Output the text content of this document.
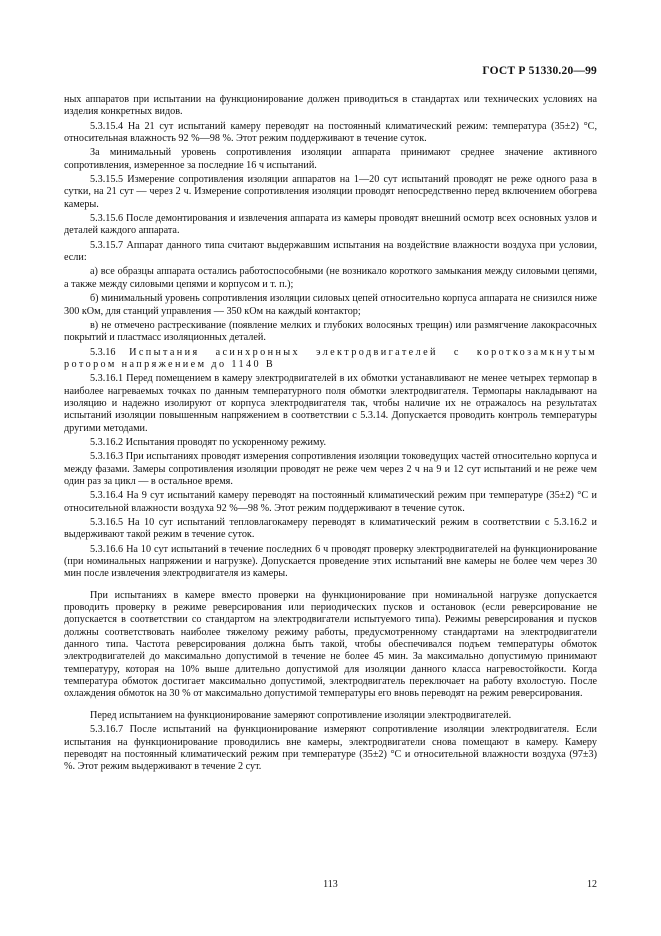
ГОСТ Р 51330.20—99

ных аппаратов при испытании на функционирование должен приводиться в стандартах или технических условиях на изделия конкретных видов.

5.3.15.4 На 21 сут испытаний камеру переводят на постоянный климатический режим: температура (35±2) °С, относительная влажность 92 %—98 %. Этот режим поддерживают в течение суток.

За минимальный уровень сопротивления изоляции аппарата принимают среднее значение активного сопротивления, измеренное за последние 16 ч испытаний.

5.3.15.5 Измерение сопротивления изоляции аппаратов на 1—20 сут испытаний проводят не реже одного раза в сутки, на 21 сут — через 2 ч. Измерение сопротивления изоляции проводят непосредственно перед включением обогрева камеры.

5.3.15.6 После демонтирования и извлечения аппарата из камеры проводят внешний осмотр всех основных узлов и деталей каждого аппарата.

5.3.15.7 Аппарат данного типа считают выдержавшим испытания на воздействие влажности воздуха при условии, если:

а) все образцы аппарата остались работоспособными (не возникало короткого замыкания между силовыми цепями, а также между силовыми цепями и корпусом и т. п.);

б) минимальный уровень сопротивления изоляции силовых цепей относительно корпуса аппарата не снизился ниже 300 кОм, для станций управления — 350 кОм на каждый контактор;

в) не отмечено растрескивание (появление мелких и глубоких волосяных трещин) или размягчение лакокрасочных покрытий и пластмасс изоляционных деталей.

5.3.16 Испытания асинхронных электродвигателей с короткозамкнутым ротором напряжением до 1140 В

5.3.16.1 Перед помещением в камеру электродвигателей в их обмотки устанавливают не менее четырех термопар в наиболее нагреваемых точках по данным температурного поля обмотки электродвигателя. Термопары накладывают на изоляцию и надежно изолируют от корпуса электродвигателя так, чтобы наличие их не отражалось на результатах испытаний изоляции повышенным напряжением в соответствии с 5.3.14. Допускается проводить контроль температуры другими методами.

5.3.16.2 Испытания проводят по ускоренному режиму.

5.3.16.3 При испытаниях проводят измерения сопротивления изоляции токоведущих частей относительно корпуса и между фазами. Замеры сопротивления изоляции проводят не реже чем через 2 ч на 9 и 12 сут испытаний и не реже чем один раз за цикл — в остальное время.

5.3.16.4 На 9 сут испытаний камеру переводят на постоянный климатический режим при температуре (35±2) °С и относительной влажности воздуха 92 %—98 %. Этот режим поддерживают в течение суток.

5.3.16.5 На 10 сут испытаний тепловлагокамеру переводят в климатический режим в соответствии с 5.3.16.2 и выдерживают такой режим в течение суток.

5.3.16.6 На 10 сут испытаний в течение последних 6 ч проводят проверку электродвигателей на функционирование (при номинальных напряжении и нагрузке). Допускается проведение этих испытаний вне камеры не более чем через 30 мин после извлечения электродвигателя из камеры.

При испытаниях в камере вместо проверки на функционирование при номинальной нагрузке допускается проводить проверку в режиме реверсирования или периодических пусков и остановок (если реверсирование не допускается в соответствии со стандартом на электродвигатели испытуемого типа). Режимы реверсирования и пусков должны соответствовать наиболее тяжелому режиму работы, предусмотренному стандартами на электродвигатели данного типа. Частота реверсирования должна быть такой, чтобы обеспечивался подъем температуры обмоток электродвигателей до максимально допустимой в течение не более 45 мин. За максимально допустимую принимают температуру, которая на 10% выше длительно допустимой для изоляции данного класса нагревостойкости. Когда температура обмоток достигает максимально допустимой, электродвигатель переключает на работу вхолостую. После охлаждения обмоток на 30 % от максимально допустимой температуры его вновь переводят на режим реверсирования.

Перед испытанием на функционирование замеряют сопротивление изоляции электродвигателей.

5.3.16.7 После испытаний на функционирование измеряют сопротивление изоляции электродвигателя. Если испытания на функционирование проводились вне камеры, электродвигатели снова помещают в камеру. Камеру переводят на постоянный климатический режим при температуре (35±2) °С и относительной влажности воздуха (97±3) %. Этот режим выдерживают в течение 2 сут.

113	12
